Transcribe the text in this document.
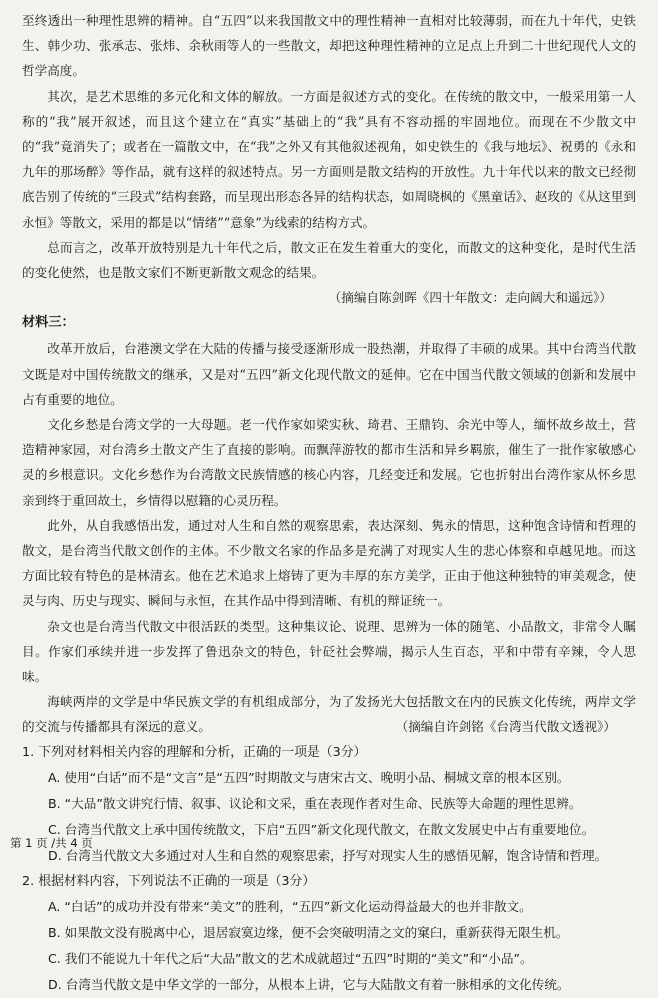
至终透出一种理性思辨的精神。自“五四”以来我国散文中的理性精神一直相对比较薄弱，而在九十年代，史铁生、韩少功、张承志、张炜、余秋雨等人的一些散文，却把这种理性精神的立足点上升到二十世纪现代人文的哲学高度。

其次，是艺术思维的多元化和文体的解放。一方面是叙述方式的变化。在传统的散文中，一般采用第一人称的“我”展开叙述，而且这个建立在“真实”基础上的“我”具有不容动摇的牢固地位。而现在不少散文中的“我”竟消失了；或者在一篇散文中，在“我”之外又有其他叙述视角，如史铁生的《我与地坛》、祝勇的《永和九年的那场醉》等作品，就有这样的叙述特点。另一方面则是散文结构的开放性。九十年代以来的散文已经彻底告别了传统的“三段式”结构套路，而呈现出形态各异的结构状态，如周晓枫的《黑童话》、赵玫的《从这里到永恒》等散文，采用的都是以“情绪”“意象”为线索的结构方式。

总而言之，改革开放特别是九十年代之后，散文正在发生着重大的变化，而散文的这种变化，是时代生活的变化使然，也是散文家们不断更新散文观念的结果。

（摘编自陈剑晖《四十年散文：走向阔大和遥远》）

材料三：

改革开放后，台港澳文学在大陆的传播与接受逐渐形成一股热潮，并取得了丰硕的成果。其中台湾当代散文既是对中国传统散文的继承，又是对“五四”新文化现代散文的延伸。它在中国当代散文领域的创新和发展中占有重要的地位。

文化乡愁是台湾文学的一大母题。老一代作家如梁实秋、琦君、王鼎钧、余光中等人，缅怀故乡故土，营造精神家园，对台湾乡土散文产生了直接的影响。而飘萍游牧的都市生活和异乡羁旅，催生了一批作家敏感心灵的乡根意识。文化乡愁作为台湾散文民族情感的核心内容，几经变迁和发展。它也折射出台湾作家从怀乡思亲到终于重回故土，乡情得以慰籍的心灵历程。

此外，从自我感悟出发，通过对人生和自然的观察思索，表达深刻、隽永的情思，这种饱含诗情和哲理的散文，是台湾当代散文创作的主体。不少散文名家的作品多是充满了对现实人生的悲心体察和卓越见地。而这方面比较有特色的是林清玄。他在艺术追求上熔铸了更为丰厚的东方美学，正由于他这种独特的审美观念，使灵与肉、历史与现实、瞬间与永恒，在其作品中得到清晰、有机的辩证统一。

杂文也是台湾当代散文中很活跃的类型。这种集议论、说理、思辨为一体的随笔、小品散文，非常令人瞩目。作家们承续并进一步发挥了鲁迅杂文的特色，针砭社会弊端，揭示人生百态，平和中带有辛辣，令人思味。

海峡两岸的文学是中华民族文学的有机组成部分，为了发扬光大包括散文在内的民族文化传统，两岸文学的交流与传播都具有深远的意义。	（摘编自许剑铭《台湾当代散文透视》）

1. 下列对材料相关内容的理解和分析，正确的一项是（3分）

A. 使用“白话”而不是“文言”是“五四”时期散文与唐宋古文、晚明小品、桐城文章的根本区别。

B. “大品”散文讲究行情、叙事、议论和文采，重在表现作者对生命、民族等大命题的理性思辨。

C. 台湾当代散文上承中国传统散文，下启“五四”新文化现代散文，在散文发展史中占有重要地位。

D. 台湾当代散文大多通过对人生和自然的观察思索，抒写对现实人生的感悟见解，饱含诗情和哲理。

2. 根据材料内容，下列说法不正确的一项是（3分）

A. “白话”的成功并没有带来“美文”的胜利，“五四”新文化运动得益最大的也并非散文。

B. 如果散文没有脱离中心，退居寂寞边缘，便不会突破明清之文的窠臼，重新获得无限生机。

C. 我们不能说九十年代之后“大品”散文的艺术成就超过“五四”时期的“美文”和“小品”。

D. 台湾当代散文是中华文学的一部分，从根本上讲，它与大陆散文有着一脉相承的文化传统。

第 1 页 /共 4 页
